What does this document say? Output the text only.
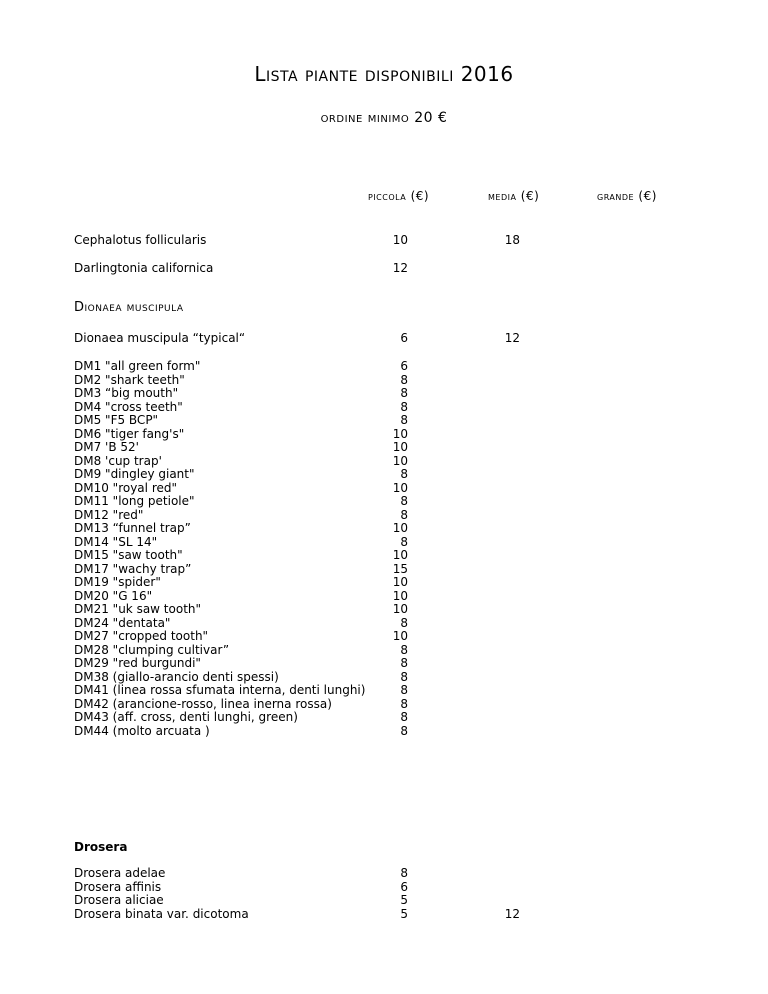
Lista piante disponibili 2016
ordine minimo 20 €
piccola (€)	media (€)	grande (€)
Cephalotus follicularis	10	18
Darlingtonia californica	12
Dionaea muscipula
Dionaea muscipula “typical“	6	12
DM1 "all green form"	6
DM2 "shark teeth"	8
DM3 “big mouth"	8
DM4 "cross teeth"	8
DM5 "F5 BCP"	8
DM6 "tiger fang's"	10
DM7 'B 52'	10
DM8 'cup trap'	10
DM9 "dingley giant"	8
DM10 "royal red"	10
DM11 "long petiole"	8
DM12 "red"	8
DM13 “funnel trap”	10
DM14 "SL 14"	8
DM15 "saw tooth"	10
DM17 "wachy trap”	15
DM19 "spider"	10
DM20 "G 16"	10
DM21 "uk saw tooth"	10
DM24 "dentata"	8
DM27 "cropped tooth"	10
DM28 "clumping cultivar”	8
DM29 "red burgundi"	8
DM38 (giallo-arancio denti spessi)	8
DM41 (linea rossa sfumata interna, denti lunghi)	8
DM42 (arancione-rosso, linea inerna rossa)	8
DM43 (aff. cross, denti lunghi, green)	8
DM44 (molto arcuata )	8
Drosera
Drosera adelae	8
Drosera affinis	6
Drosera aliciae	5
Drosera binata var. dicotoma	5	12
